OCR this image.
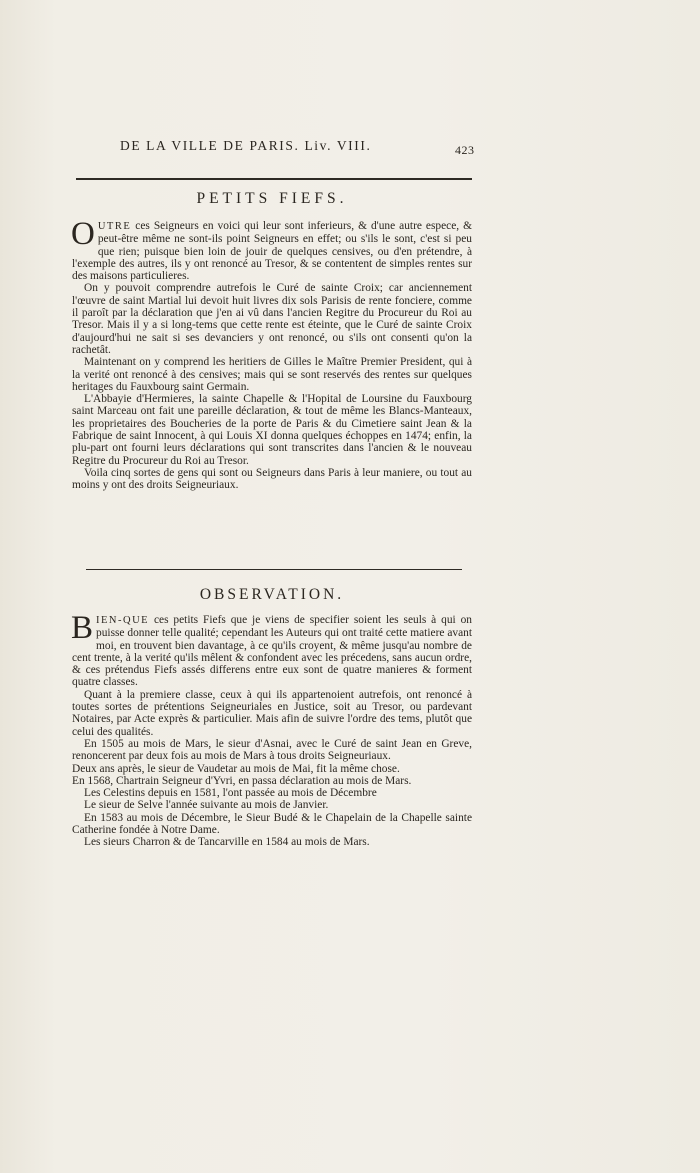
DE LA VILLE DE PARIS. Liv. VIII.	423
PETITS FIEFS.

OUTRE ces Seigneurs en voici qui leur sont inferieurs, & d'une autre espece, & peut-être même ne sont-ils point Seigneurs en effet; ou s'ils le sont, c'est si peu que rien; puisque bien loin de jouir de quelques censives, ou d'en prétendre, à l'exemple des autres, ils y ont renoncé au Tresor, & se contentent de simples rentes sur des maisons particulieres.

On y pouvoit comprendre autrefois le Curé de sainte Croix; car anciennement l'œuvre de saint Martial lui devoit huit livres dix sols Parisis de rente fonciere, comme il paroît par la déclaration que j'en ai vû dans l'ancien Regitre du Procureur du Roi au Tresor. Mais il y a si long-tems que cette rente est éteinte, que le Curé de sainte Croix d'aujourd'hui ne sait si ses devanciers y ont renoncé, ou s'ils ont consenti qu'on la rachetât.

Maintenant on y comprend les heritiers de Gilles le Maître Premier President, qui à la verité ont renoncé à des censives; mais qui se sont reservés des rentes sur quelques heritages du Fauxbourg saint Germain.

L'Abbayie d'Hermieres, la sainte Chapelle & l'Hopital de Loursine du Fauxbourg saint Marceau ont fait une pareille déclaration, & tout de même les Blancs-Manteaux, les proprietaires des Boucheries de la porte de Paris & du Cimetiere saint Jean & la Fabrique de saint Innocent, à qui Louis XI donna quelques échoppes en 1474; enfin, la plu-part ont fourni leurs déclarations qui sont transcrites dans l'ancien & le nouveau Regitre du Procureur du Roi au Tresor.

Voila cinq sortes de gens qui sont ou Seigneurs dans Paris à leur maniere, ou tout au moins y ont des droits Seigneuriaux.

OBSERVATION.

BIEN-QUE ces petits Fiefs que je viens de specifier soient les seuls à qui on puisse donner telle qualité; cependant les Auteurs qui ont traité cette matiere avant moi, en trouvent bien davantage, à ce qu'ils croyent, & même jusqu'au nombre de cent trente, à la verité qu'ils mêlent & confondent avec les précedens, sans aucun ordre, & ces prétendus Fiefs assés differens entre eux sont de quatre manieres & forment quatre classes.

Quant à la premiere classe, ceux à qui ils appartenoient autrefois, ont renoncé à toutes sortes de prétentions Seigneuriales en Justice, soit au Tresor, ou pardevant Notaires, par Acte exprès & particulier. Mais afin de suivre l'ordre des tems, plutôt que celui des qualités.

En 1505 au mois de Mars, le sieur d'Asnai, avec le Curé de saint Jean en Greve, renoncerent par deux fois au mois de Mars à tous droits Seigneuriaux.

Deux ans après, le sieur de Vaudetar au mois de Mai, fit la même chose.

En 1568, Chartrain Seigneur d'Yvri, en passa déclaration au mois de Mars.

Les Celestins depuis en 1581, l'ont passée au mois de Décembre

Le sieur de Selve l'année suivante au mois de Janvier.

En 1583 au mois de Décembre, le Sieur Budé & le Chapelain de la Chapelle sainte Catherine fondée à Notre Dame.

Les sieurs Charron & de Tancarville en 1584 au mois de Mars.
